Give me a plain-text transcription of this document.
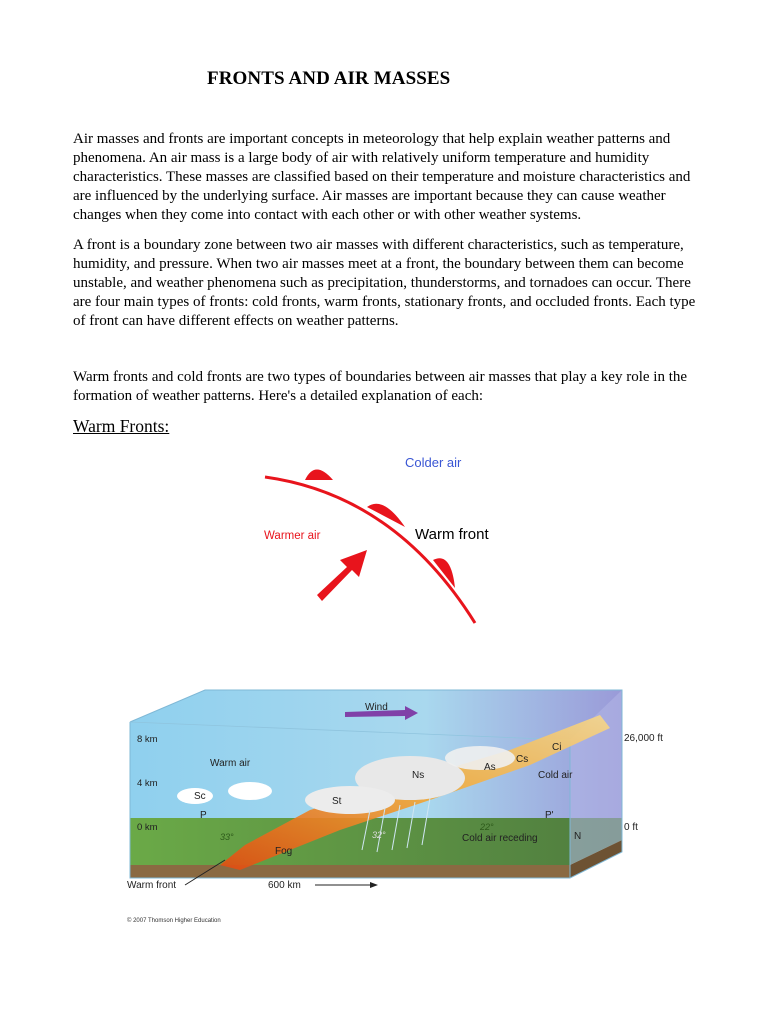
FRONTS AND AIR MASSES

Air masses and fronts are important concepts in meteorology that help explain weather patterns and phenomena. An air mass is a large body of air with relatively uniform temperature and humidity characteristics. These masses are classified based on their temperature and moisture characteristics and are influenced by the underlying surface. Air masses are important because they can cause weather changes when they come into contact with each other or with other weather systems.

A front is a boundary zone between two air masses with different characteristics, such as temperature, humidity, and pressure. When two air masses meet at a front, the boundary between them can become unstable, and weather phenomena such as precipitation, thunderstorms, and tornadoes can occur. There are four main types of fronts: cold fronts, warm fronts, stationary fronts, and occluded fronts. Each type of front can have different effects on weather patterns.

Warm fronts and cold fronts are two types of boundaries between air masses that play a key role in the formation of weather patterns. Here's a detailed explanation of each:

Warm Fronts:
Colder air
Warmer air	Warm front
Wind
8 km
4 km
0 km
26,000 ft
0 ft
Warm air
Cold air
Ci
Cs
As
Ns
St
Sc
Fog
P	P'
33°	32°
22°
Cold air receding	N
Warm front	600 km
© 2007 Thomson Higher Education
